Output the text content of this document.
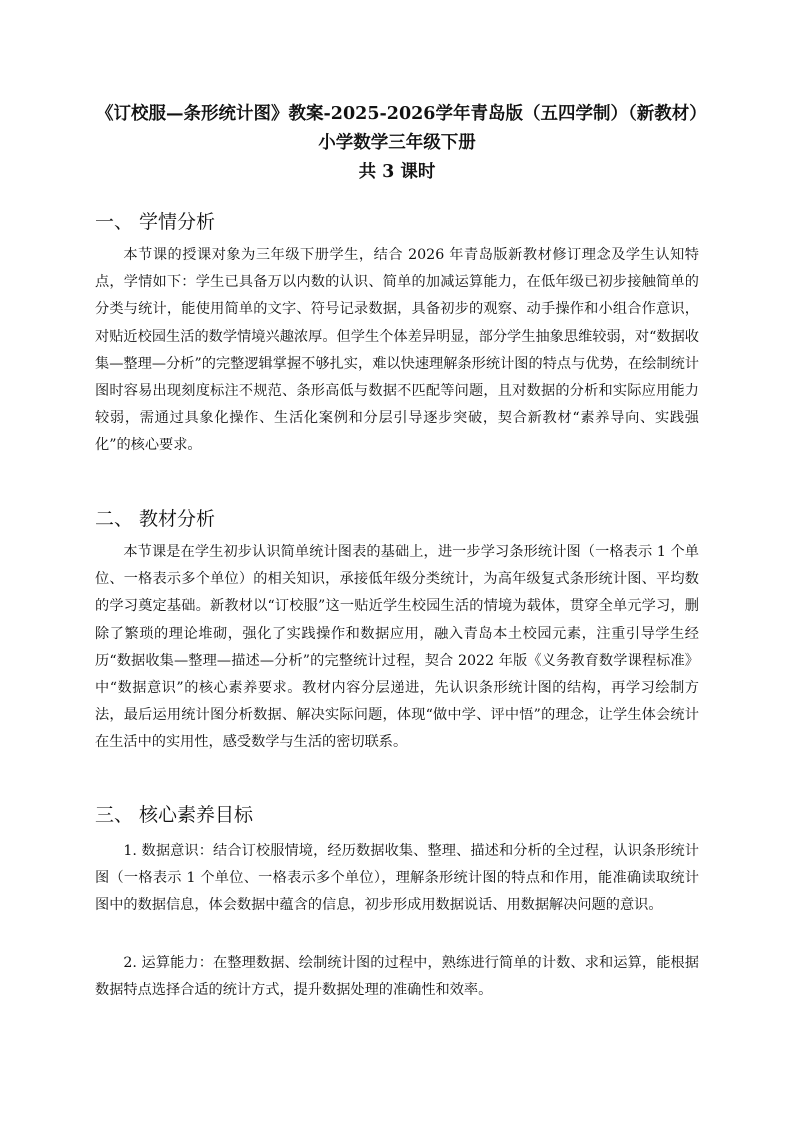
《订校服—条形统计图》教案-2025-2026学年青岛版（五四学制）（新教材）小学数学三年级下册
共 3 课时
一、 学情分析

本节课的授课对象为三年级下册学生，结合 2026 年青岛版新教材修订理念及学生认知特点，学情如下：学生已具备万以内数的认识、简单的加减运算能力，在低年级已初步接触简单的分类与统计，能使用简单的文字、符号记录数据，具备初步的观察、动手操作和小组合作意识，对贴近校园生活的数学情境兴趣浓厚。但学生个体差异明显，部分学生抽象思维较弱，对“数据收集—整理—分析”的完整逻辑掌握不够扎实，难以快速理解条形统计图的特点与优势，在绘制统计图时容易出现刻度标注不规范、条形高低与数据不匹配等问题，且对数据的分析和实际应用能力较弱，需通过具象化操作、生活化案例和分层引导逐步突破，契合新教材“素养导向、实践强化”的核心要求。

二、 教材分析

本节课是在学生初步认识简单统计图表的基础上，进一步学习条形统计图（一格表示 1 个单位、一格表示多个单位）的相关知识，承接低年级分类统计，为高年级复式条形统计图、平均数的学习奠定基础。新教材以“订校服”这一贴近学生校园生活的情境为载体，贯穿全单元学习，删除了繁琐的理论堆砌，强化了实践操作和数据应用，融入青岛本土校园元素，注重引导学生经历“数据收集—整理—描述—分析”的完整统计过程，契合 2022 年版《义务教育数学课程标准》中“数据意识”的核心素养要求。教材内容分层递进，先认识条形统计图的结构，再学习绘制方法，最后运用统计图分析数据、解决实际问题，体现“做中学、评中悟”的理念，让学生体会统计在生活中的实用性，感受数学与生活的密切联系。

三、 核心素养目标

1. 数据意识：结合订校服情境，经历数据收集、整理、描述和分析的全过程，认识条形统计图（一格表示 1 个单位、一格表示多个单位），理解条形统计图的特点和作用，能准确读取统计图中的数据信息，体会数据中蕴含的信息，初步形成用数据说话、用数据解决问题的意识。

2. 运算能力：在整理数据、绘制统计图的过程中，熟练进行简单的计数、求和运算，能根据数据特点选择合适的统计方式，提升数据处理的准确性和效率。
